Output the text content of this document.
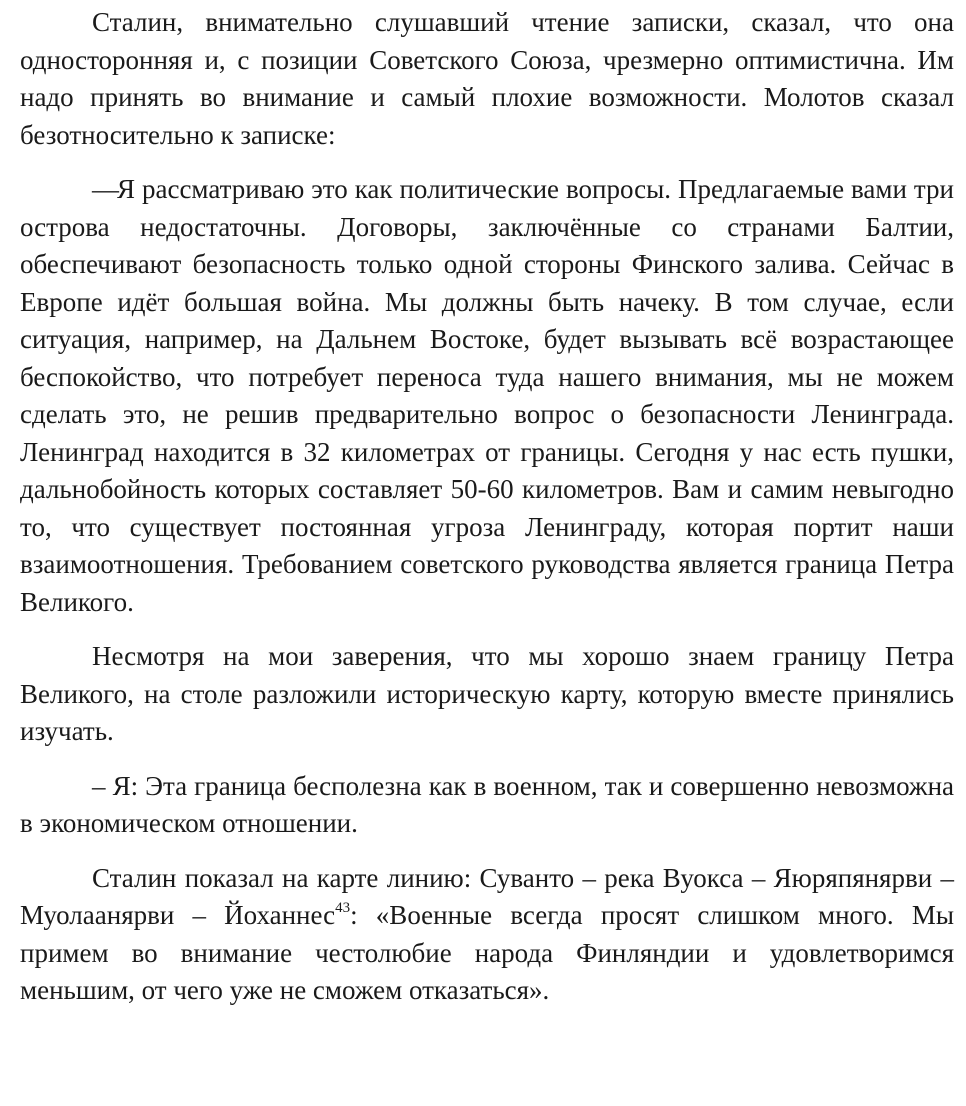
Сталин, внимательно слушавший чтение записки, сказал, что она односторонняя и, с позиции Советского Союза, чрезмерно оптимистична. Им надо принять во внимание и самый плохие возможности. Молотов сказал безотносительно к записке:

—Я рассматриваю это как политические вопросы. Предлагаемые вами три острова недостаточны. Договоры, заключённые со странами Балтии, обеспечивают безопасность только одной стороны Финского залива. Сейчас в Европе идёт большая война. Мы должны быть начеку. В том случае, если ситуация, например, на Дальнем Востоке, будет вызывать всё возрастающее беспокойство, что потребует переноса туда нашего внимания, мы не можем сделать это, не решив предварительно вопрос о безопасности Ленинграда. Ленинград находится в 32 километрах от границы. Сегодня у нас есть пушки, дальнобойность которых составляет 50-60 километров. Вам и самим невыгодно то, что существует постоянная угроза Ленинграду, которая портит наши взаимоотношения. Требованием советского руководства является граница Петра Великого.

Несмотря на мои заверения, что мы хорошо знаем границу Петра Великого, на столе разложили историческую карту, которую вместе принялись изучать.

– Я: Эта граница бесполезна как в военном, так и совершенно невозможна в экономическом отношении.

Сталин показал на карте линию: Суванто – река Вуокса – Яюряпянярви – Муолаанярви – Йоханнес$^{43}$: «Военные всегда просят слишком много. Мы примем во внимание честолюбие народа Финляндии и удовлетворимся меньшим, от чего уже не сможем отказаться».
